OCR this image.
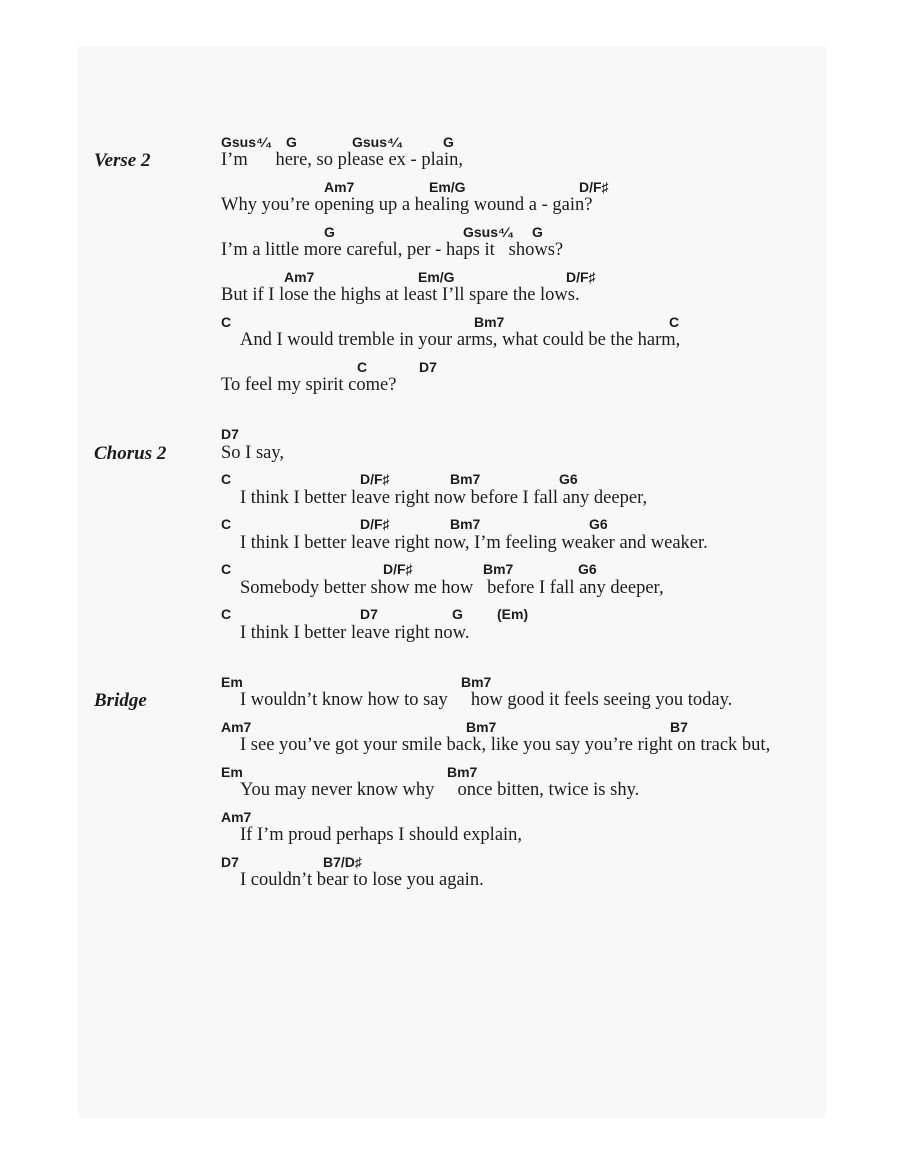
Verse 2
Gsus⁴⁄₄ G	Gsus⁴⁄₄	G
I’m      here, so please ex - plain,
Am7	Em/G	D/F♯
Why you’re opening up a healing wound a - gain?
G	Gsus⁴⁄₄ G
I’m a little more careful, per - haps it   shows?
Am7	Em/G	D/F♯
But if I lose the highs at least I’ll spare the lows.
C	Bm7	C
And I would tremble in your arms, what could be the harm,
C	D7
To feel my spirit come?
Chorus 2
D7
So I say,
C	D/F♯	Bm7	G6
I think I better leave right now before I fall any deeper,
C	D/F♯	Bm7	G6
I think I better leave right now, I’m feeling weaker and weaker.
C	D/F♯	Bm7	G6
Somebody better show me how   before I fall any deeper,
C	D7	G (Em)
I think I better leave right now.
Bridge
Em	Bm7
I wouldn’t know how to say     how good it feels seeing you today.
Am7	Bm7	B7
I see you’ve got your smile back, like you say you’re right on track but,
Em	Bm7
You may never know why     once bitten, twice is shy.
Am7
If I’m proud perhaps I should explain,
D7	B7/D♯
I couldn’t bear to lose you again.
